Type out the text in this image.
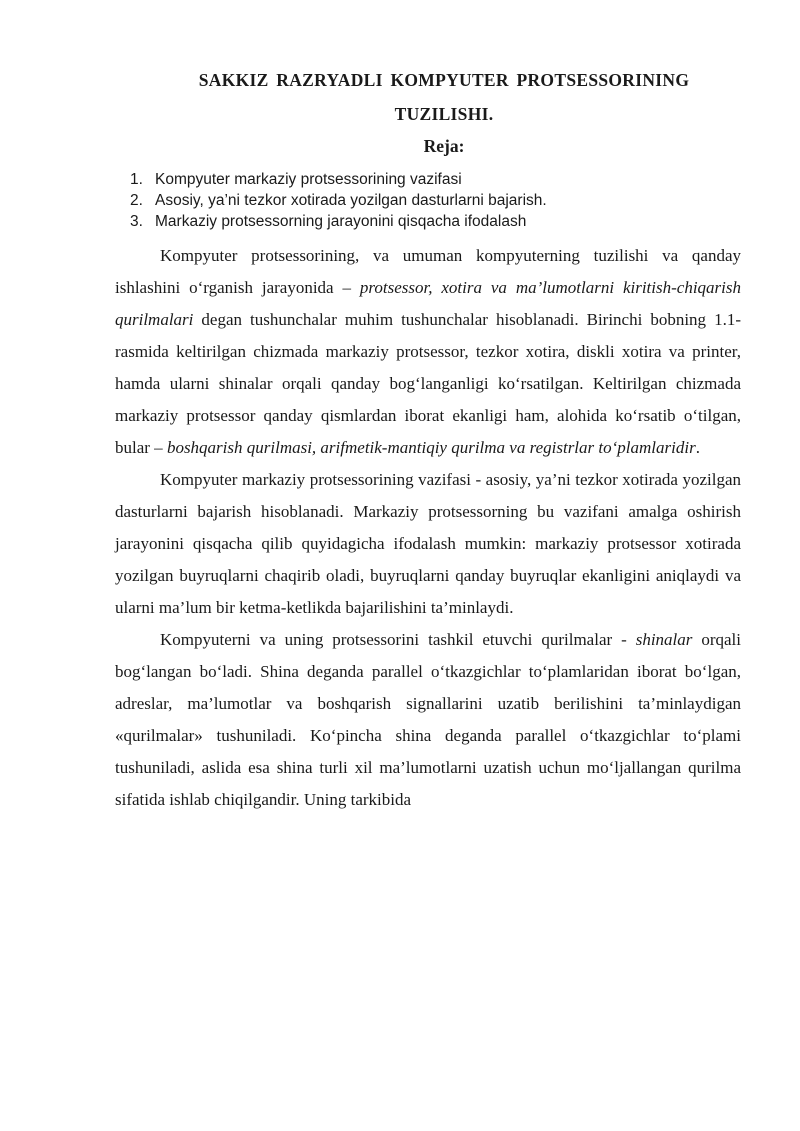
SAKKIZ RAZRYADLI KOMPYUTER PROTSESSORINING
TUZILISHI.
Reja:
1. Kompyuter markaziy protsessorining vazifasi
2. Asosiy, ya’ni tezkor xotirada yozilgan dasturlarni bajarish.
3. Markaziy protsessorning jarayonini qisqacha ifodalash

Kompyuter protsessorining, va umuman kompyuterning tuzilishi va qanday ishlashini o‘rganish jarayonida – protsessor, xotira va ma’lumotlarni kiritish-chiqarish qurilmalari degan tushunchalar muhim tushunchalar hisoblanadi. Birinchi bobning 1.1-rasmida keltirilgan chizmada markaziy protsessor, tezkor xotira, diskli xotira va printer, hamda ularni shinalar orqali qanday bog‘langanligi ko‘rsatilgan. Keltirilgan chizmada markaziy protsessor qanday qismlardan iborat ekanligi ham, alohida ko‘rsatib o‘tilgan, bular – boshqarish qurilmasi, arifmetik-mantiqiy qurilma va registrlar to‘plamlaridir.

Kompyuter markaziy protsessorining vazifasi - asosiy, ya’ni tezkor xotirada yozilgan dasturlarni bajarish hisoblanadi. Markaziy protsessorning bu vazifani amalga oshirish jarayonini qisqacha qilib quyidagicha ifodalash mumkin: markaziy protsessor xotirada yozilgan buyruqlarni chaqirib oladi, buyruqlarni qanday buyruqlar ekanligini aniqlaydi va ularni ma’lum bir ketma-ketlikda bajarilishini ta’minlaydi.

Kompyuterni va uning protsessorini tashkil etuvchi qurilmalar - shinalar orqali bog‘langan bo‘ladi. Shina deganda parallel o‘tkazgichlar to‘plamlaridan iborat bo‘lgan, adreslar, ma’lumotlar va boshqarish signallarini uzatib berilishini ta’minlaydigan «qurilmalar» tushuniladi. Ko‘pincha shina deganda parallel o‘tkazgichlar to‘plami tushuniladi, aslida esa shina turli xil ma’lumotlarni uzatish uchun mo‘ljallangan qurilma sifatida ishlab chiqilgandir. Uning tarkibida
